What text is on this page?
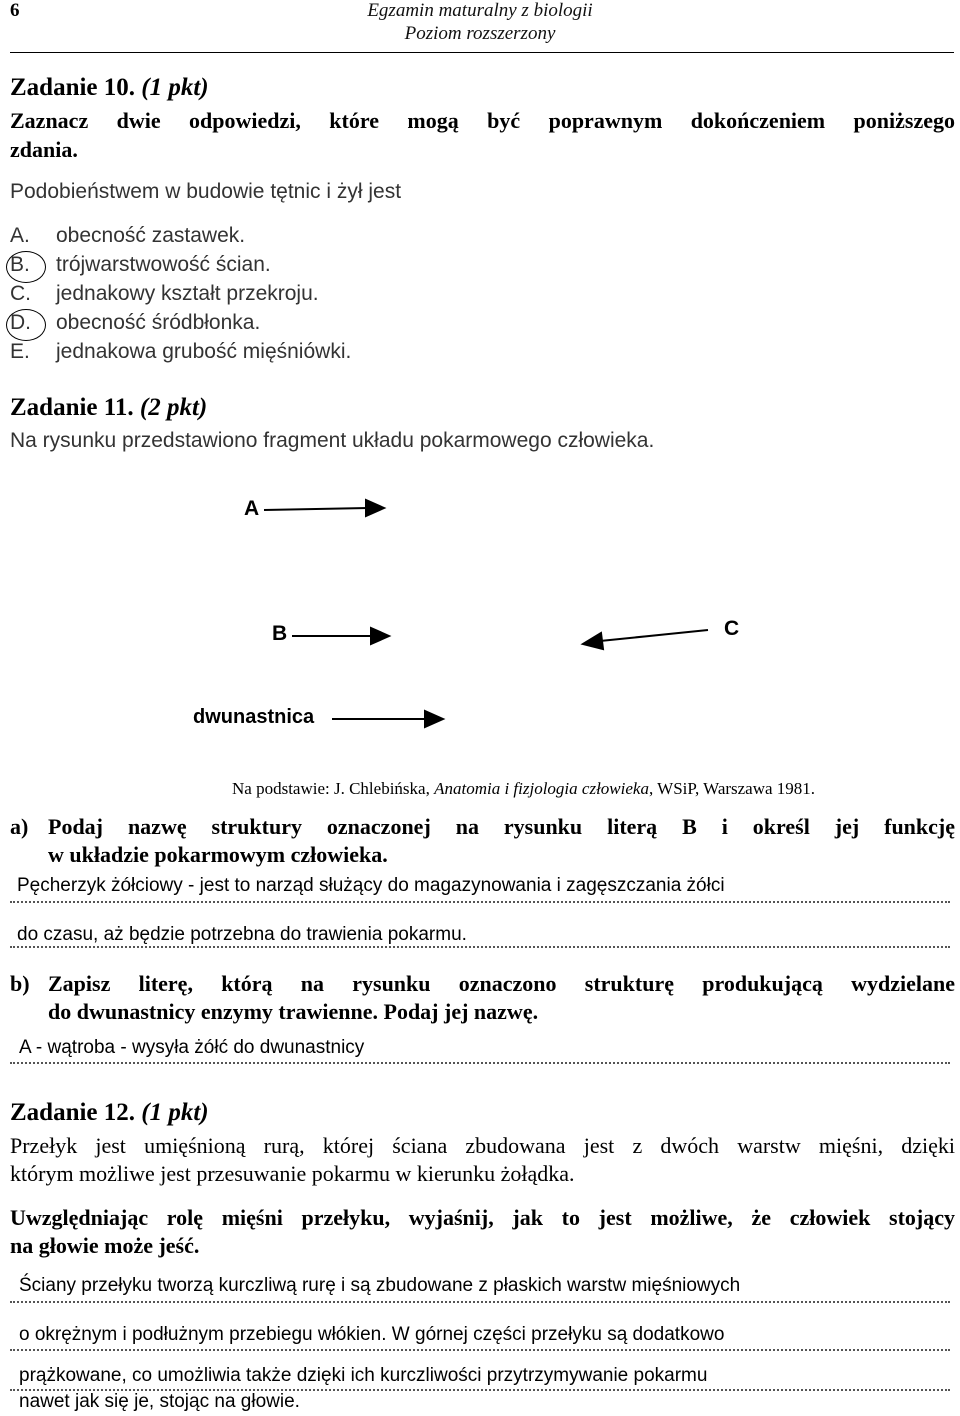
6	Egzamin maturalny z biologii
Poziom rozszerzony
Zadanie 10. (1 pkt)
Zaznacz dwie odpowiedzi, które mogą być poprawnym dokończeniem poniższego
zdania.
Podobieństwem w budowie tętnic i żył jest
A. obecność zastawek.
B. trójwarstwowość ścian.
C. jednakowy kształt przekroju.
D. obecność śródbłonka.
E. jednakowa grubość mięśniówki.
Zadanie 11. (2 pkt)
Na rysunku przedstawiono fragment układu pokarmowego człowieka.
A
B	C
dwunastnica
Na podstawie: J. Chlebińska, Anatomia i fizjologia człowieka, WSiP, Warszawa 1981.
a) Podaj nazwę struktury oznaczonej na rysunku literą B i określ jej funkcję
w układzie pokarmowym człowieka.
Pęcherzyk żółciowy - jest to narząd służący do magazynowania i zagęszczania żółci
do czasu, aż będzie potrzebna do trawienia pokarmu.
b) Zapisz literę, którą na rysunku oznaczono strukturę produkującą wydzielane
do dwunastnicy enzymy trawienne. Podaj jej nazwę.
A - wątroba - wysyła żółć do dwunastnicy
Zadanie 12. (1 pkt)
Przełyk jest umięśnioną rurą, której ściana zbudowana jest z dwóch warstw mięśni, dzięki
którym możliwe jest przesuwanie pokarmu w kierunku żołądka.
Uwzględniając rolę mięśni przełyku, wyjaśnij, jak to jest możliwe, że człowiek stojący
na głowie może jeść.
Ściany przełyku tworzą kurczliwą rurę i są zbudowane z płaskich warstw mięśniowych
o okrężnym i podłużnym przebiegu włókien. W górnej części przełyku są dodatkowo
prążkowane, co umożliwia także dzięki ich kurczliwości przytrzymywanie pokarmu
nawet jak się je, stojąc na głowie.
